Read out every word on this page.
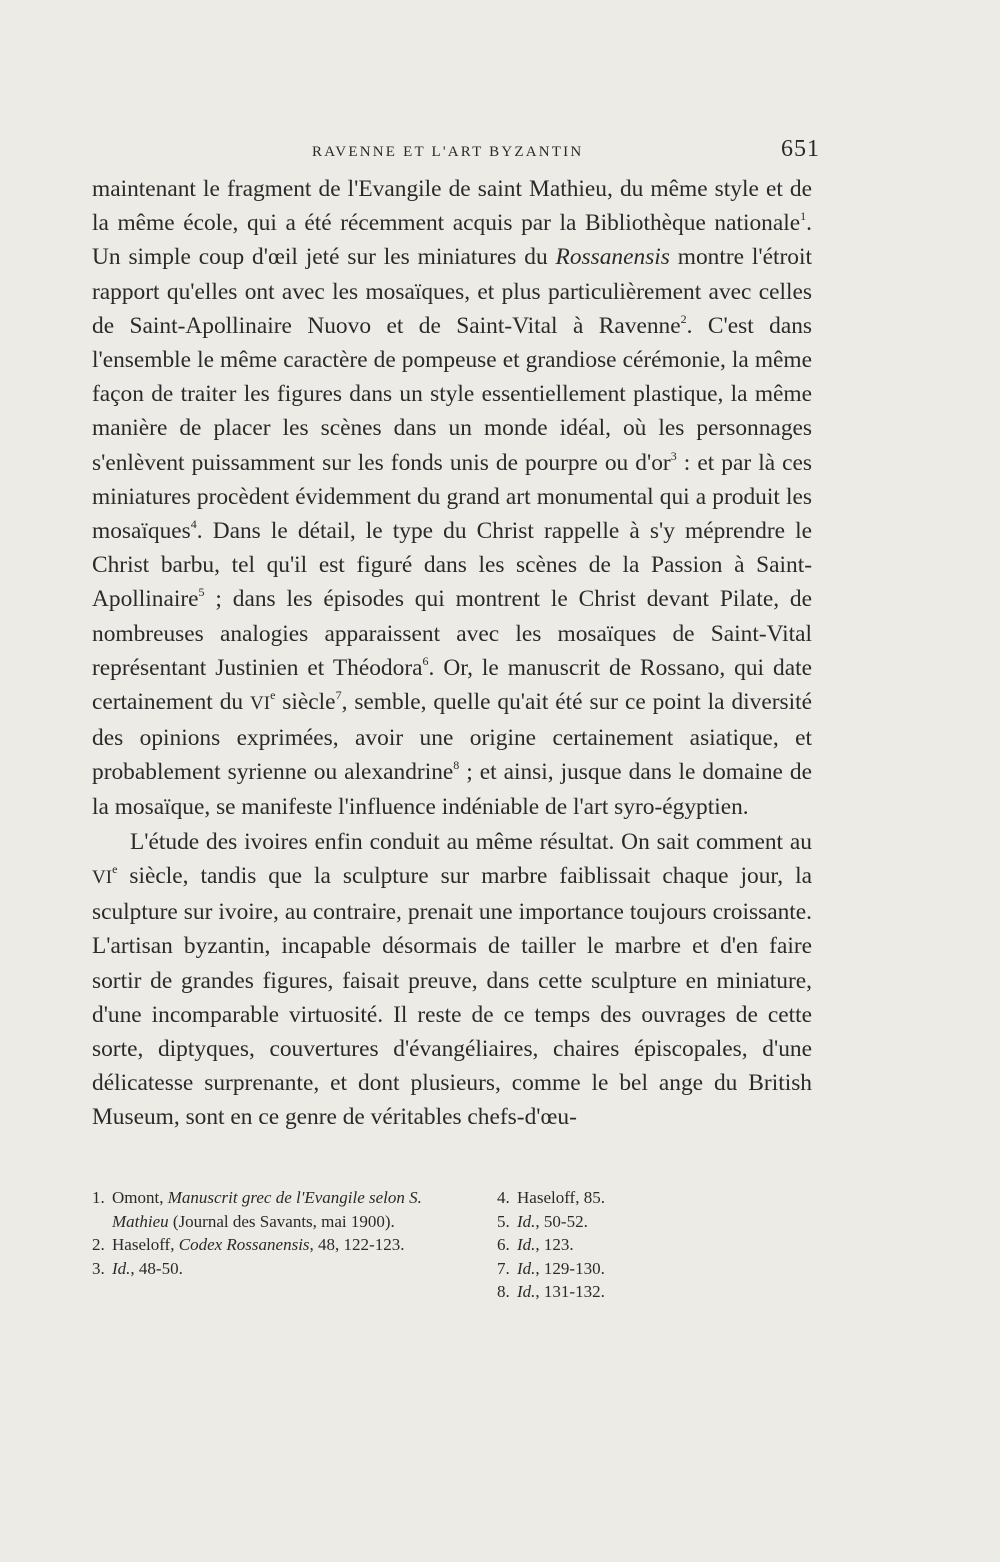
RAVENNE ET L'ART BYZANTIN	651

maintenant le fragment de l'Evangile de saint Mathieu, du même style et de la même école, qui a été récemment acquis par la Bibliothèque nationale$^1$. Un simple coup d'œil jeté sur les miniatures du Rossanensis montre l'étroit rapport qu'elles ont avec les mosaïques, et plus particulièrement avec celles de Saint-Apollinaire Nuovo et de Saint-Vital à Ravenne$^2$. C'est dans l'ensemble le même caractère de pompeuse et grandiose cérémonie, la même façon de traiter les figures dans un style essentiellement plastique, la même manière de placer les scènes dans un monde idéal, où les personnages s'enlèvent puissamment sur les fonds unis de pourpre ou $d'or^3$ : et par là ces miniatures procèdent évidemment du grand art monumental qui a produit les mosaïques$^4$. Dans le détail, le type du Christ rappelle à s'y méprendre le Christ barbu, tel qu'il est figuré dans les scènes de la Passion à Saint-Apollinaire$^5$ ; dans les épisodes qui montrent le Christ devant Pilate, de nombreuses analogies apparaissent avec les mosaïques de Saint-Vital représentant Justinien et Théodora$^6$. Or, le manuscrit de Rossano, qui date certainement du VIe siècle$^7$, semble, quelle qu'ait été sur ce point la diversité des opinions exprimées, avoir une origine certainement asiatique, et probablement syrienne ou alexandrine$^8$ ; et ainsi, jusque dans le domaine de la mosaïque, se manifeste l'influence indéniable de l'art syro-égyptien.

L'étude des ivoires enfin conduit au même résultat. On sait comment au VIe siècle, tandis que la sculpture sur marbre faiblissait chaque jour, la sculpture sur ivoire, au contraire, prenait une importance toujours croissante. L'artisan byzantin, incapable désormais de tailler le marbre et d'en faire sortir de grandes figures, faisait preuve, dans cette sculpture en miniature, d'une incomparable virtuosité. Il reste de ce temps des ouvrages de cette sorte, diptyques, couvertures d'évangéliaires, chaires épiscopales, d'une délicatesse surprenante, et dont plusieurs, comme le bel ange du British Museum, sont en ce genre de véritables chefs-d'œu-

1. Omont, Manuscrit grec de l'Evangile selon S. Mathieu (Journal des Savants, mai 1900).

2. Haseloff, Codex Rossanensis, 48, 122-123.

3. Id., 48-50.

4. Haseloff, 85.

5. Id., 50-52.

6. Id., 123.

7. Id., 129-130.

8. Id., 131-132.
